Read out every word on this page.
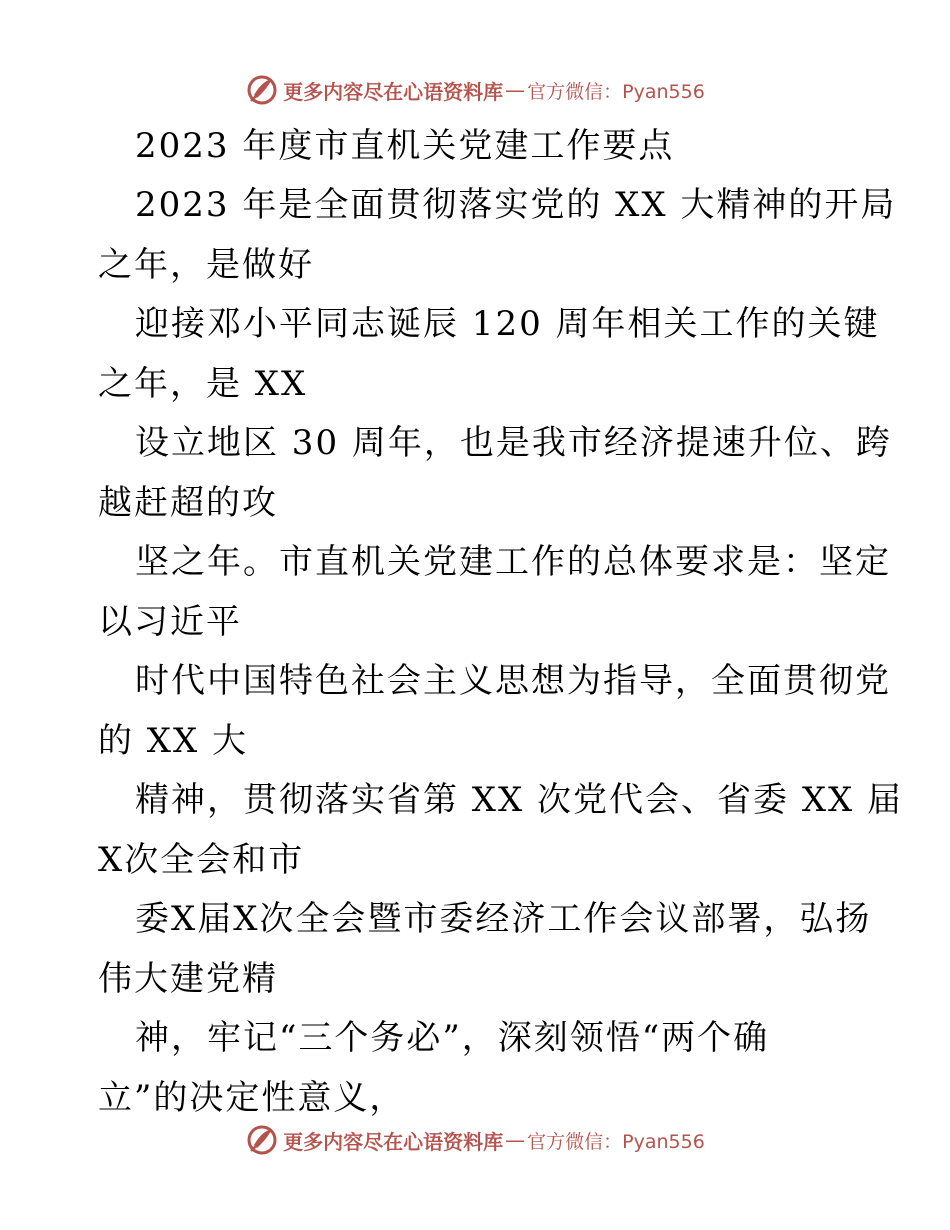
更多内容尽在心语资料库 — 官方微信：Pyan556
2023 年度市直机关党建工作要点
2023 年是全面贯彻落实党的 XX 大精神的开局
之年，是做好
迎接邓小平同志诞辰 120 周年相关工作的关键
之年，是 XX
设立地区 30 周年，也是我市经济提速升位、跨
越赶超的攻
坚之年。市直机关党建工作的总体要求是：坚定
以习近平
时代中国特色社会主义思想为指导，全面贯彻党
的 XX 大
精神，贯彻落实省第 XX 次党代会、省委 XX 届
X次全会和市
委X届X次全会暨市委经济工作会议部署，弘扬
伟大建党精
神，牢记“三个务必”，深刻领悟“两个确
立”的决定性意义，
更多内容尽在心语资料库 — 官方微信：Pyan556
